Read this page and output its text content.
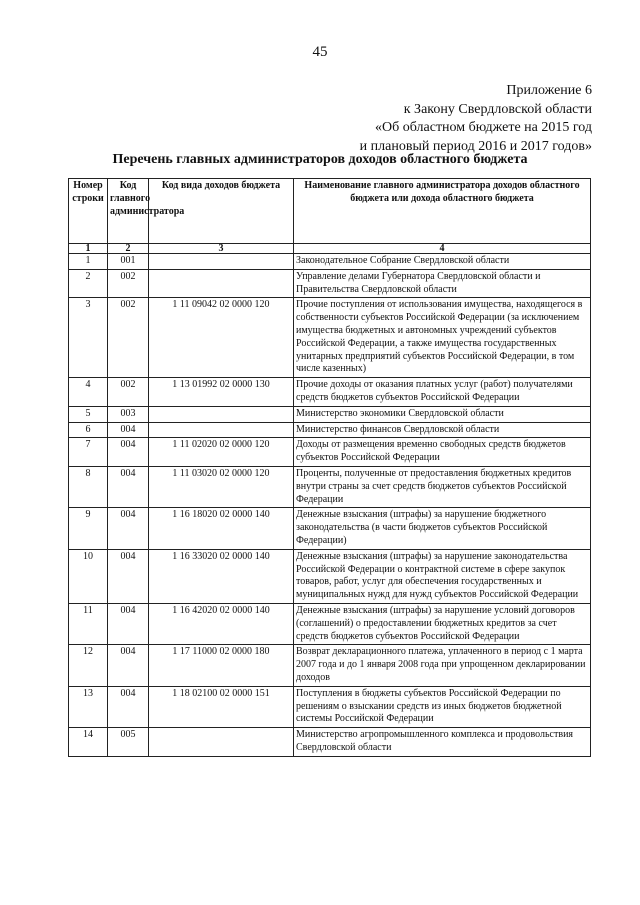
45
Приложение 6
к Закону Свердловской области
«Об областном бюджете на 2015 год
и плановый период 2016 и 2017 годов»
Перечень главных администраторов доходов областного бюджета
Номер строки	Код главного администратора	Код вида доходов бюджета	Наименование главного администратора доходов областного бюджета или дохода областного бюджета
1	2	3	4
1	001		Законодательное Собрание Свердловской области
2	002		Управление делами Губернатора Свердловской области и Правительства Свердловской области
3	002	1 11 09042 02 0000 120	Прочие поступления от использования имущества, находящегося в собственности субъектов Российской Федерации (за исключением имущества бюджетных и автономных учреждений субъектов Российской Федерации, а также имущества государственных унитарных предприятий субъектов Российской Федерации, в том числе казенных)
4	002	1 13 01992 02 0000 130	Прочие доходы от оказания платных услуг (работ) получателями средств бюджетов субъектов Российской Федерации
5	003		Министерство экономики Свердловской области
6	004		Министерство финансов Свердловской области
7	004	1 11 02020 02 0000 120	Доходы от размещения временно свободных средств бюджетов субъектов Российской Федерации
8	004	1 11 03020 02 0000 120	Проценты, полученные от предоставления бюджетных кредитов внутри страны за счет средств бюджетов субъектов Российской Федерации
9	004	1 16 18020 02 0000 140	Денежные взыскания (штрафы) за нарушение бюджетного законодательства (в части бюджетов субъектов Российской Федерации)
10	004	1 16 33020 02 0000 140	Денежные взыскания (штрафы) за нарушение законодательства Российской Федерации о контрактной системе в сфере закупок товаров, работ, услуг для обеспечения государственных и муниципальных нужд для нужд субъектов Российской Федерации
11	004	1 16 42020 02 0000 140	Денежные взыскания (штрафы) за нарушение условий договоров (соглашений) о предоставлении бюджетных кредитов за счет средств бюджетов субъектов Российской Федерации
12	004	1 17 11000 02 0000 180	Возврат декларационного платежа, уплаченного в период с 1 марта 2007 года и до 1 января 2008 года при упрощенном декларировании доходов
13	004	1 18 02100 02 0000 151	Поступления в бюджеты субъектов Российской Федерации по решениям о взыскании средств из иных бюджетов бюджетной системы Российской Федерации
14	005		Министерство агропромышленного комплекса и продовольствия Свердловской области
